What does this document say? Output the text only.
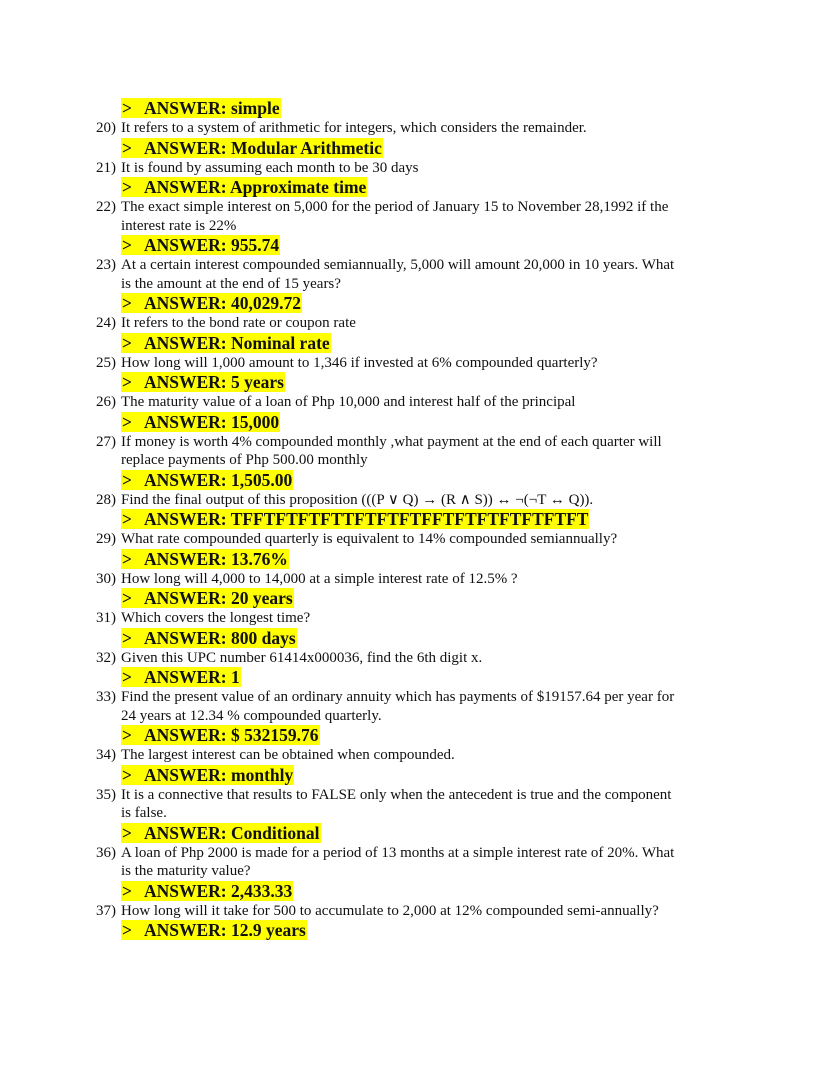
> ANSWER: simple
20) It refers to a system of arithmetic for integers, which considers the remainder.
> ANSWER: Modular Arithmetic
21) It is found by assuming each month to be 30 days
> ANSWER: Approximate time
22) The exact simple interest on 5,000 for the period of January 15 to November 28,1992 if the
interest rate is 22%
> ANSWER: 955.74
23) At a certain interest compounded semiannually, 5,000 will amount 20,000 in 10 years. What
is the amount at the end of 15 years?
> ANSWER: 40,029.72
24) It refers to the bond rate or coupon rate
> ANSWER: Nominal rate
25) How long will 1,000 amount to 1,346 if invested at 6% compounded quarterly?
> ANSWER: 5 years
26) The maturity value of a loan of Php 10,000 and interest half of the principal
> ANSWER: 15,000
27) If money is worth 4% compounded monthly ,what payment at the end of each quarter will
replace payments of Php 500.00 monthly
> ANSWER: 1,505.00
28) Find the final output of this proposition (((P ∨ Q) → (R ∧ S)) ↔ ¬(¬T ↔ Q)).
> ANSWER: TFFTFTFTFTTFTFTFTFFTFTFTFTFTFTFT
29) What rate compounded quarterly is equivalent to 14% compounded semiannually?
> ANSWER: 13.76%
30) How long will 4,000 to 14,000 at a simple interest rate of 12.5% ?
> ANSWER: 20 years
31) Which covers the longest time?
> ANSWER: 800 days
32) Given this UPC number 61414x000036, find the 6th digit x.
> ANSWER: 1
33) Find the present value of an ordinary annuity which has payments of $19157.64 per year for
24 years at 12.34 % compounded quarterly.
> ANSWER: $ 532159.76
34) The largest interest can be obtained when compounded.
> ANSWER: monthly
35) It is a connective that results to FALSE only when the antecedent is true and the component
is false.
> ANSWER: Conditional
36) A loan of Php 2000 is made for a period of 13 months at a simple interest rate of 20%. What
is the maturity value?
> ANSWER: 2,433.33
37) How long will it take for 500 to accumulate to 2,000 at 12% compounded semi-annually?
> ANSWER: 12.9 years
